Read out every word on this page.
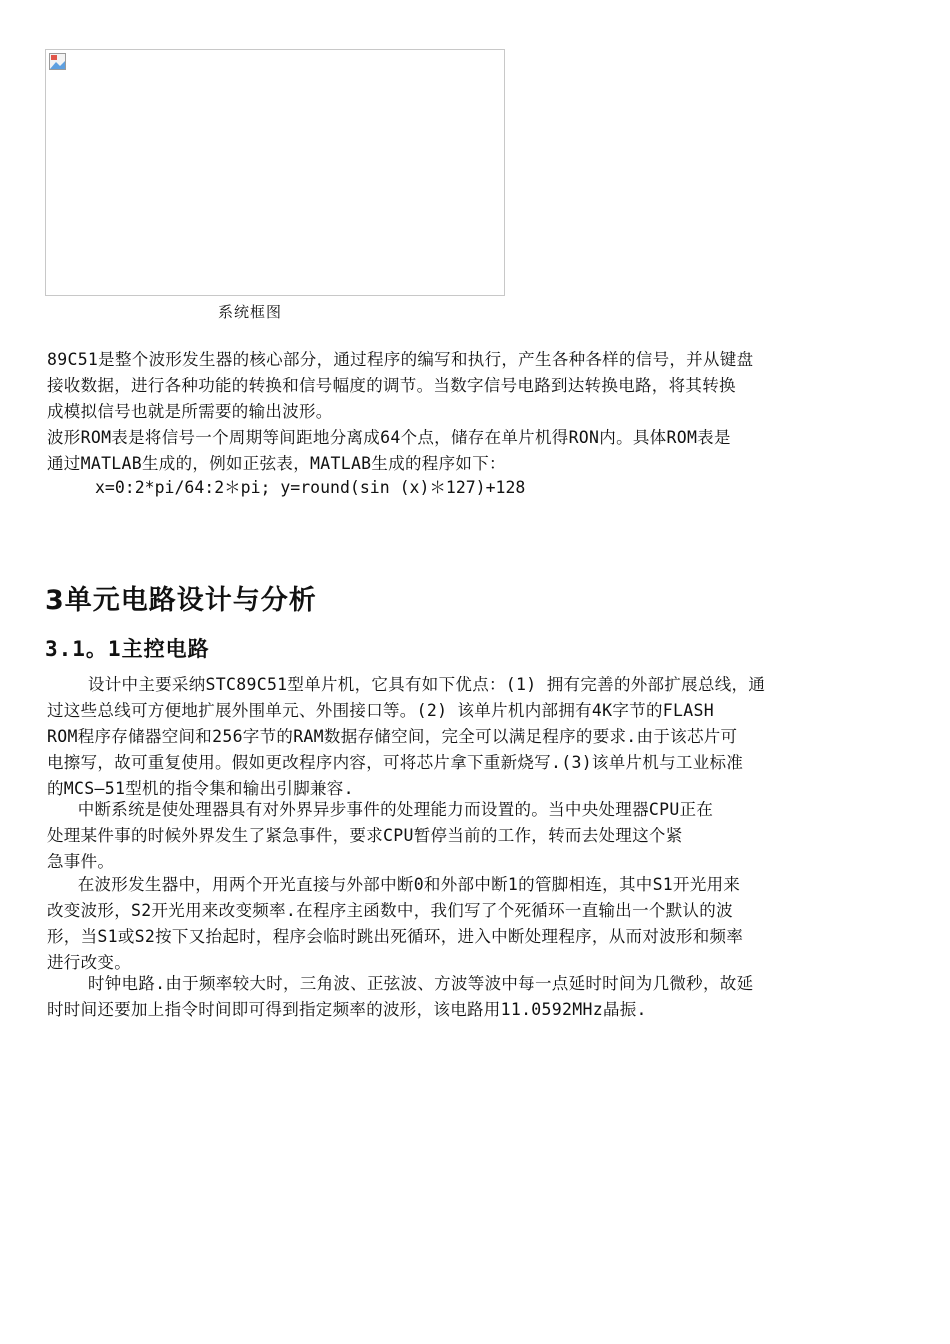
系统框图
89C51是整个波形发生器的核心部分，通过程序的编写和执行，产生各种各样的信号，并从键盘
接收数据，进行各种功能的转换和信号幅度的调节。当数字信号电路到达转换电路，将其转换
成模拟信号也就是所需要的输出波形。
波形ROM表是将信号一个周期等间距地分离成64个点，储存在单片机得RON内。具体ROM表是
通过MATLAB生成的，例如正弦表，MATLAB生成的程序如下：
x=0:2*pi/64:2＊pi; y=round(sin (x)＊127)+128
3单元电路设计与分析
3.1。1主控电路
设计中主要采纳STC89C51型单片机，它具有如下优点：(1) 拥有完善的外部扩展总线，通
过这些总线可方便地扩展外围单元、外围接口等。(2) 该单片机内部拥有4K字节的FLASH
ROM程序存储器空间和256字节的RAM数据存储空间，完全可以满足程序的要求.由于该芯片可
电擦写，故可重复使用。假如更改程序内容，可将芯片拿下重新烧写.(3)该单片机与工业标准
的MCS—51型机的指令集和输出引脚兼容.
中断系统是使处理器具有对外界异步事件的处理能力而设置的。当中央处理器CPU正在
处理某件事的时候外界发生了紧急事件，要求CPU暂停当前的工作，转而去处理这个紧
急事件。
在波形发生器中，用两个开光直接与外部中断0和外部中断1的管脚相连，其中S1开光用来
改变波形，S2开光用来改变频率.在程序主函数中，我们写了个死循环一直输出一个默认的波
形，当S1或S2按下又抬起时，程序会临时跳出死循环，进入中断处理程序，从而对波形和频率
进行改变。
时钟电路.由于频率较大时，三角波、正弦波、方波等波中每一点延时时间为几微秒，故延
时时间还要加上指令时间即可得到指定频率的波形，该电路用11.0592MHz晶振.
